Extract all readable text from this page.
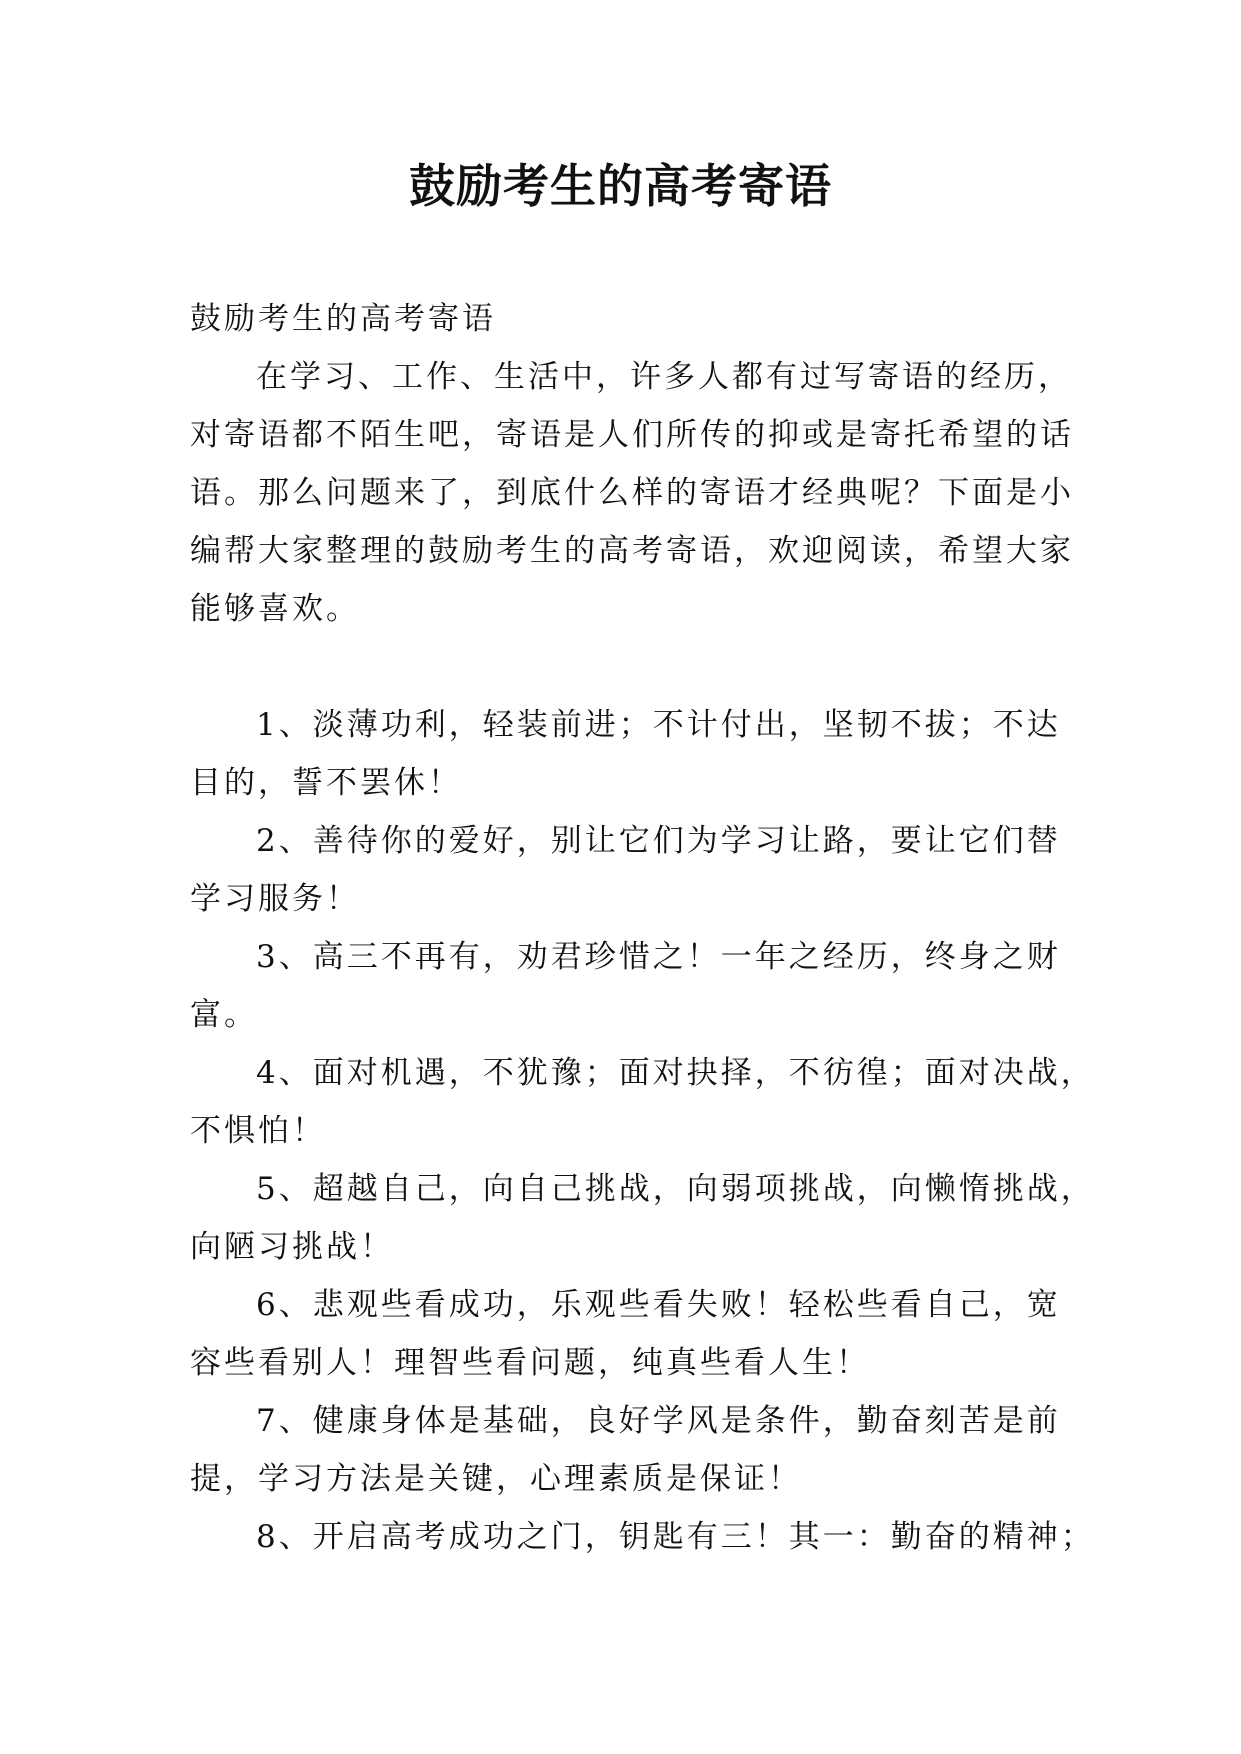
鼓励考生的高考寄语
鼓励考生的高考寄语
在学习、工作、生活中，许多人都有过写寄语的经历，
对寄语都不陌生吧，寄语是人们所传的抑或是寄托希望的话
语。那么问题来了，到底什么样的寄语才经典呢？下面是小
编帮大家整理的鼓励考生的高考寄语，欢迎阅读，希望大家
能够喜欢。
1、淡薄功利，轻装前进；不计付出，坚韧不拔；不达
目的，誓不罢休！
2、善待你的爱好，别让它们为学习让路，要让它们替
学习服务！
3、高三不再有，劝君珍惜之！一年之经历，终身之财
富。
4、面对机遇，不犹豫；面对抉择，不彷徨；面对决战，
不惧怕！
5、超越自己，向自己挑战，向弱项挑战，向懒惰挑战，
向陋习挑战！
6、悲观些看成功，乐观些看失败！轻松些看自己，宽
容些看别人！理智些看问题，纯真些看人生！
7、健康身体是基础，良好学风是条件，勤奋刻苦是前
提，学习方法是关键，心理素质是保证！
8、开启高考成功之门，钥匙有三！其一：勤奋的精神；
